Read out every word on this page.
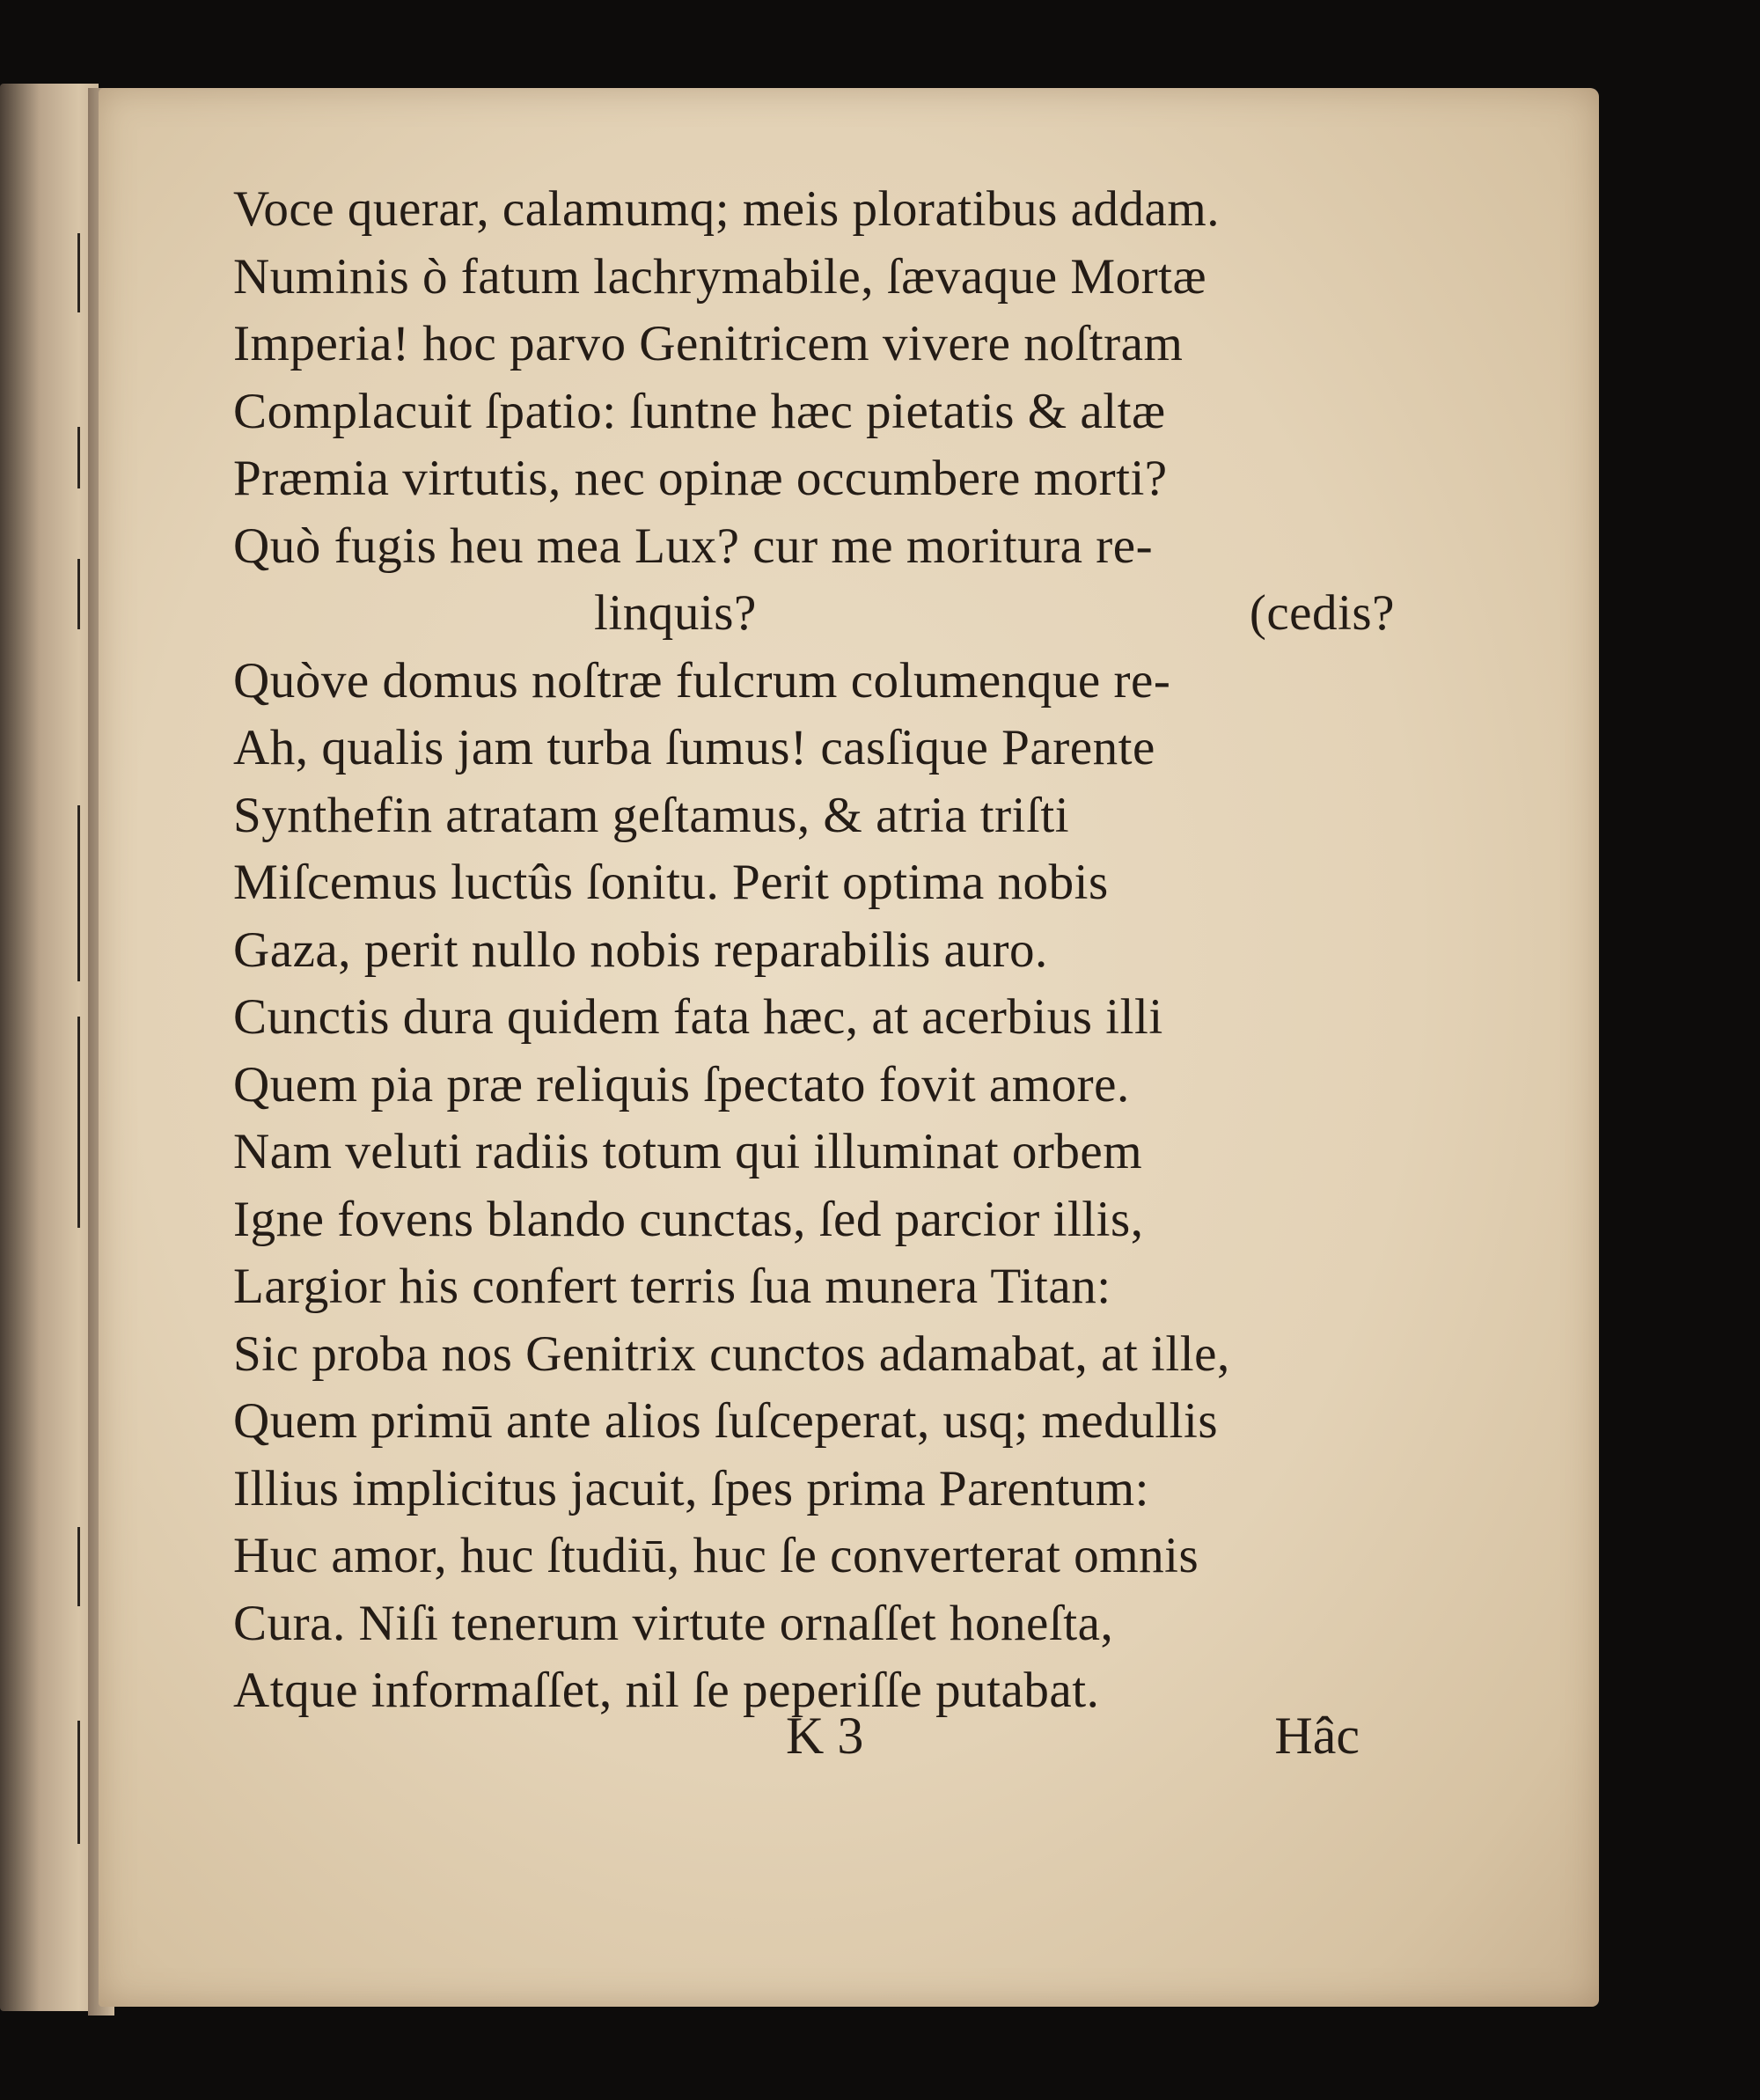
Voce querar, calamumq; meis ploratibus addam.
Numinis ò fatum lachrymabile, ſævaque Mortæ
Imperia! hoc parvo Genitricem vivere noſtram
Complacuit ſpatio: ſuntne hæc pietatis & altæ
Præmia virtutis, nec opinæ occumbere morti?
Quò fugis heu mea Lux? cur me moritura re-
linquis?	(cedis?
Quòve domus noſtræ fulcrum columenque re-
Ah, qualis jam turba ſumus! casſique Parente
Synthefin atratam geſtamus, & atria triſti
Miſcemus luctûs ſonitu. Perit optima nobis
Gaza, perit nullo nobis reparabilis auro.
Cunctis dura quidem fata hæc, at acerbius illi
Quem pia præ reliquis ſpectato fovit amore.
Nam veluti radiis totum qui illuminat orbem
Igne fovens blando cunctas, ſed parcior illis,
Largior his confert terris ſua munera Titan:
Sic proba nos Genitrix cunctos adamabat, at ille,
Quem primū ante alios ſuſceperat, usq; medullis
Illius implicitus jacuit, ſpes prima Parentum:
Huc amor, huc ſtudiū, huc ſe converterat omnis
Cura. Niſi tenerum virtute ornaſſet honeſta,
Atque informaſſet, nil ſe peperiſſe putabat.
K 3	Hâc
